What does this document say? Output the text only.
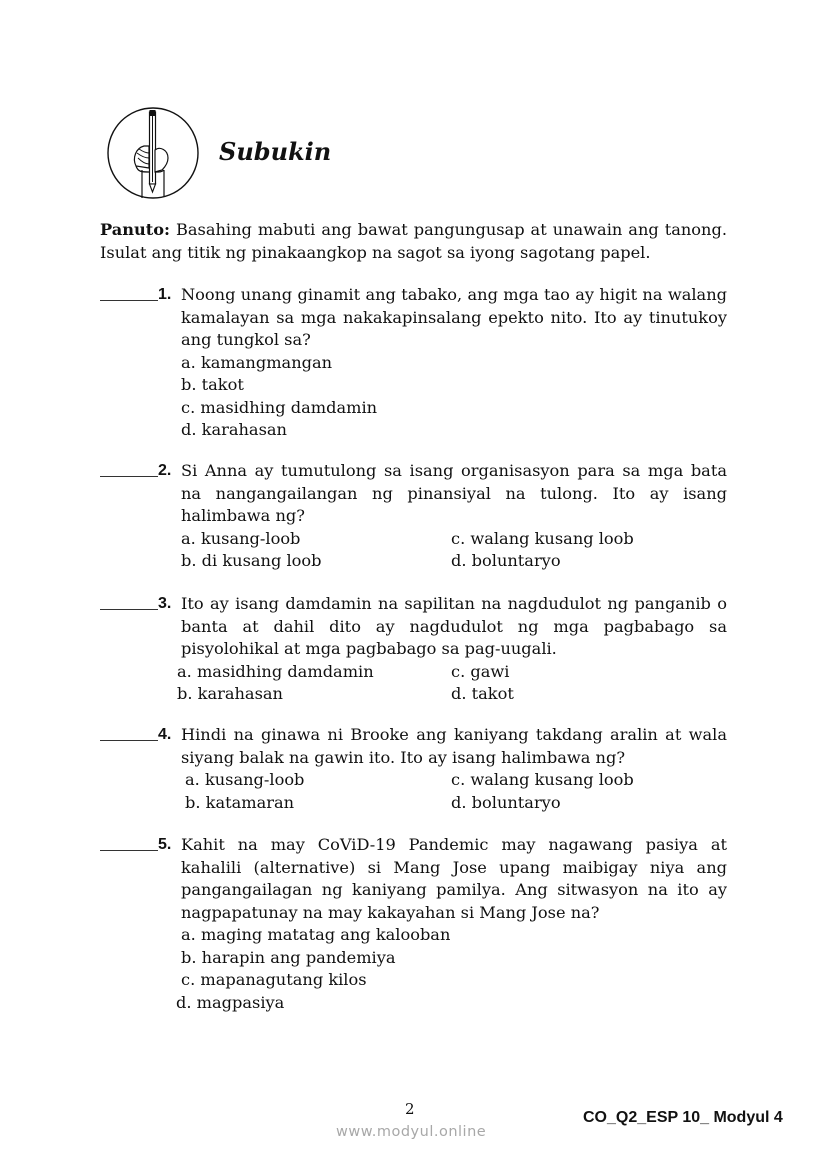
Subukin
Panuto: Basahing mabuti ang bawat pangungusap at unawain ang tanong. Isulat ang titik ng pinakaangkop na sagot sa iyong sagotang papel.
1. Noong unang ginamit ang tabako, ang mga tao ay higit na walang kamalayan sa mga nakakapinsalang epekto nito. Ito ay tinutukoy ang tungkol sa?
a. kamangmangan
b. takot
c. masidhing damdamin
d. karahasan
2. Si Anna ay tumutulong sa isang organisasyon para sa mga bata na nangangailangan ng pinansiyal na tulong. Ito ay isang halimbawa ng?
a. kusang-loob	c. walang kusang loob
b. di kusang loob	d. boluntaryo
3. Ito ay isang damdamin na sapilitan na nagdudulot ng panganib o banta at dahil dito ay nagdudulot ng mga pagbabago sa pisyolohikal at mga pagbabago sa pag-uugali.
a. masidhing damdamin	c. gawi
b. karahasan	d. takot
4. Hindi na ginawa ni Brooke ang kaniyang takdang aralin at wala siyang balak na gawin ito. Ito ay isang halimbawa ng?
a. kusang-loob	c. walang kusang loob
b. katamaran	d. boluntaryo
5. Kahit na may CoViD-19 Pandemic may nagawang pasiya at kahalili (alternative) si Mang Jose upang maibigay niya ang pangangailagan ng kaniyang pamilya. Ang sitwasyon na ito ay nagpapatunay na may kakayahan si Mang Jose na?
a. maging matatag ang kalooban
b. harapin ang pandemiya
c. mapanagutang kilos
d. magpasiya
2	CO_Q2_ESP 10_ Modyul 4
www.modyul.online
